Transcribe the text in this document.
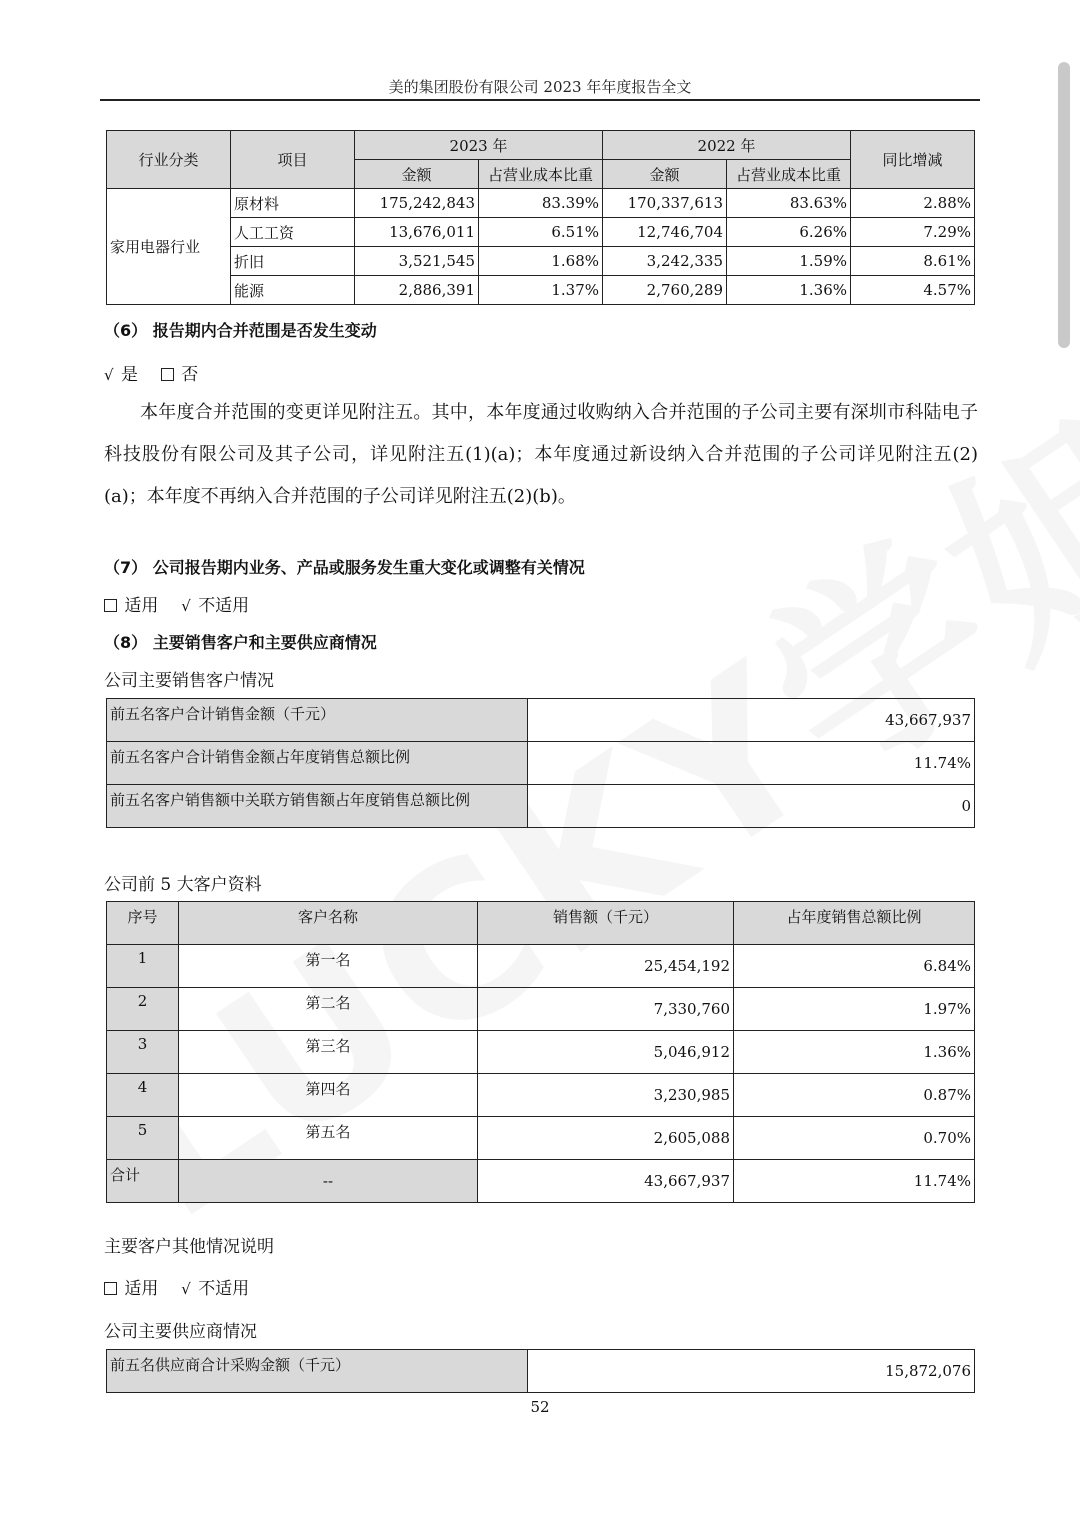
美的集团股份有限公司 2023 年年度报告全文
行业分类	项目	2023 年		2022 年		同比增减
		金额	占营业成本比重	金额	占营业成本比重	
家用电器行业	原材料	175,242,843	83.39%	170,337,613	83.63%	2.88%
	人工工资	13,676,011	6.51%	12,746,704	6.26%	7.29%
	折旧	3,521,545	1.68%	3,242,335	1.59%	8.61%
	能源	2,886,391	1.37%	2,760,289	1.36%	4.57%
（6） 报告期内合并范围是否发生变动
√ 是	否
本年度合并范围的变更详见附注五。其中，本年度通过收购纳入合并范围的子公司主要有深圳市科陆电子科技股份有限公司及其子公司，详见附注五(1)(a)；本年度通过新设纳入合并范围的子公司详见附注五(2)(a)；本年度不再纳入合并范围的子公司详见附注五(2)(b)。
（7） 公司报告期内业务、产品或服务发生重大变化或调整有关情况
适用 √ 不适用
（8） 主要销售客户和主要供应商情况
公司主要销售客户情况
前五名客户合计销售金额（千元）	43,667,937
前五名客户合计销售金额占年度销售总额比例	11.74%
前五名客户销售额中关联方销售额占年度销售总额比例	0
公司前 5 大客户资料
序号	客户名称	销售额（千元）	占年度销售总额比例
1	第一名	25,454,192	6.84%
2	第二名	7,330,760	1.97%
3	第三名	5,046,912	1.36%
4	第四名	3,230,985	0.87%
5	第五名	2,605,088	0.70%
合计	--	43,667,937	11.74%
主要客户其他情况说明
适用 √ 不适用
公司主要供应商情况
前五名供应商合计采购金额（千元）	15,872,076
52
